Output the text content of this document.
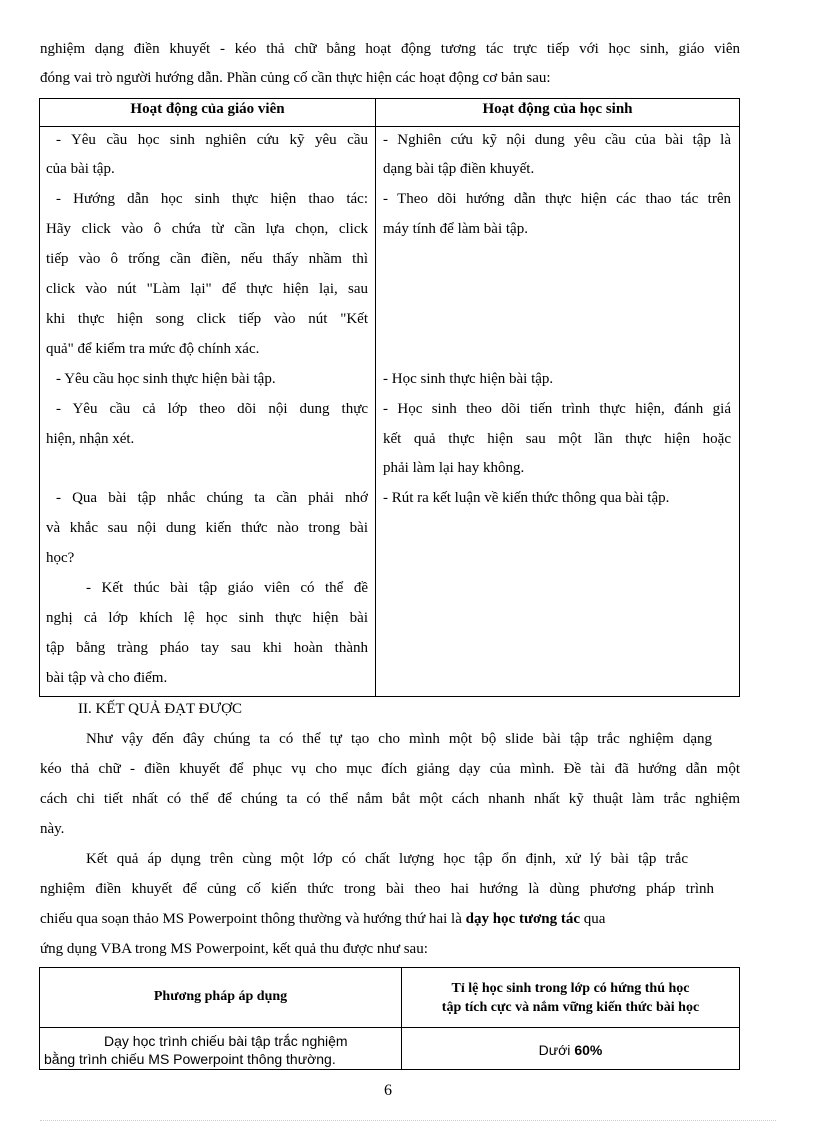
nghiệm dạng điền khuyết - kéo thả chữ bằng hoạt động tương tác trực tiếp với học sinh, giáo viên
đóng vai trò người hướng dẫn. Phần củng cố cần thực hiện các hoạt động cơ bản sau:
Hoạt động của giáo viên	Hoạt động của học sinh
- Yêu cầu học sinh nghiên cứu kỹ yêu cầu
của bài tập.
- Hướng dẫn học sinh thực hiện thao tác:
Hãy click vào ô chứa từ cần lựa chọn, click
tiếp vào ô trống cần điền, nếu thấy nhầm thì
click vào nút "Làm lại" để thực hiện lại, sau
khi thực hiện song click tiếp vào nút "Kết
quả" để kiểm tra mức độ chính xác.
- Yêu cầu học sinh thực hiện bài tập.
- Yêu cầu cả lớp theo dõi nội dung thực
hiện, nhận xét.
- Qua bài tập nhắc chúng ta cần phải nhớ
và khắc sau nội dung kiến thức nào trong bài
học?
- Kết thúc bài tập giáo viên có thể đề
nghị cả lớp khích lệ học sinh thực hiện bài
tập bằng tràng pháo tay sau khi hoàn thành
bài tập và cho điểm.
- Nghiên cứu kỹ nội dung yêu cầu của bài tập là
dạng bài tập điền khuyết.
- Theo dõi hướng dẫn thực hiện các thao tác trên
máy tính để làm bài tập.
- Học sinh thực hiện bài tập.
- Học sinh theo dõi tiến trình thực hiện, đánh giá
kết quả thực hiện sau một lần thực hiện hoặc
phải làm lại hay không.
- Rút ra kết luận về kiến thức thông qua bài tập.
II. KẾT QUẢ ĐẠT ĐƯỢC
Như vậy đến đây chúng ta có thể tự tạo cho mình một bộ slide bài tập trắc nghiệm dạng
kéo thả chữ - điền khuyết để phục vụ cho mục đích giảng dạy của mình. Đề tài đã hướng dẫn một
cách chi tiết nhất có thể để chúng ta có thể nắm bắt một cách nhanh nhất kỹ thuật làm trắc nghiệm
này.
Kết quả áp dụng trên cùng một lớp có chất lượng học tập ổn định, xử lý bài tập trắc
nghiệm điền khuyết để củng cố kiến thức trong bài theo hai hướng là dùng phương pháp trình
chiếu qua soạn thảo MS Powerpoint thông thường và hướng thứ hai là dạy học tương tác qua
ứng dụng VBA trong MS Powerpoint, kết quả thu được như sau:
Phương pháp áp dụng
Tỉ lệ học sinh trong lớp có hứng thú học
tập tích cực và nắm vững kiến thức bài học
Dạy học trình chiếu bài tập trắc nghiệm
bằng trình chiếu MS Powerpoint thông thường.
Dưới 60%
6
